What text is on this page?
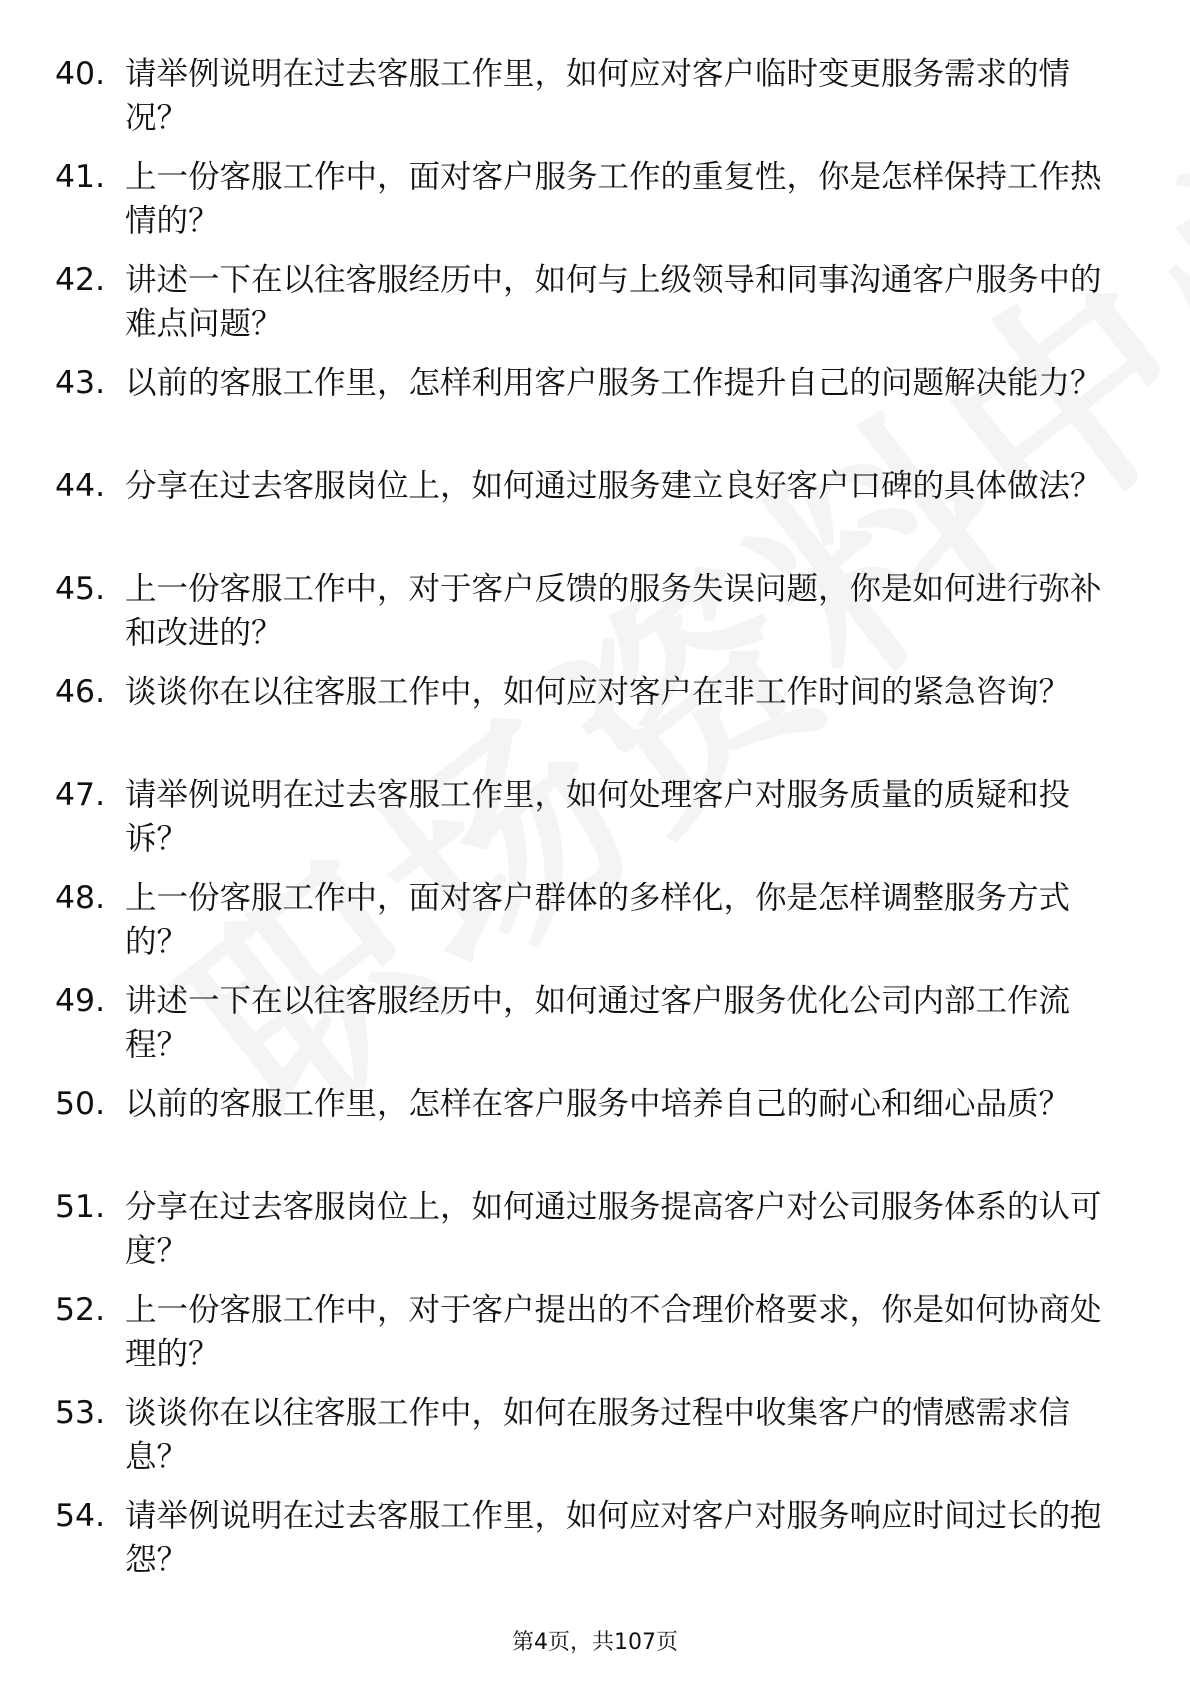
40. 请举例说明在过去客服工作里，如何应对客户临时变更服务需求的情况？
41. 上一份客服工作中，面对客户服务工作的重复性，你是怎样保持工作热情的？
42. 讲述一下在以往客服经历中，如何与上级领导和同事沟通客户服务中的难点问题？
43. 以前的客服工作里，怎样利用客户服务工作提升自己的问题解决能力？
44. 分享在过去客服岗位上，如何通过服务建立良好客户口碑的具体做法？
45. 上一份客服工作中，对于客户反馈的服务失误问题，你是如何进行弥补和改进的？
46. 谈谈你在以往客服工作中，如何应对客户在非工作时间的紧急咨询？
47. 请举例说明在过去客服工作里，如何处理客户对服务质量的质疑和投诉？
48. 上一份客服工作中，面对客户群体的多样化，你是怎样调整服务方式的？
49. 讲述一下在以往客服经历中，如何通过客户服务优化公司内部工作流程？
50. 以前的客服工作里，怎样在客户服务中培养自己的耐心和细心品质？
51. 分享在过去客服岗位上，如何通过服务提高客户对公司服务体系的认可度？
52. 上一份客服工作中，对于客户提出的不合理价格要求，你是如何协商处理的？
53. 谈谈你在以往客服工作中，如何在服务过程中收集客户的情感需求信息？
54. 请举例说明在过去客服工作里，如何应对客户对服务响应时间过长的抱怨？
第4页，共107页
